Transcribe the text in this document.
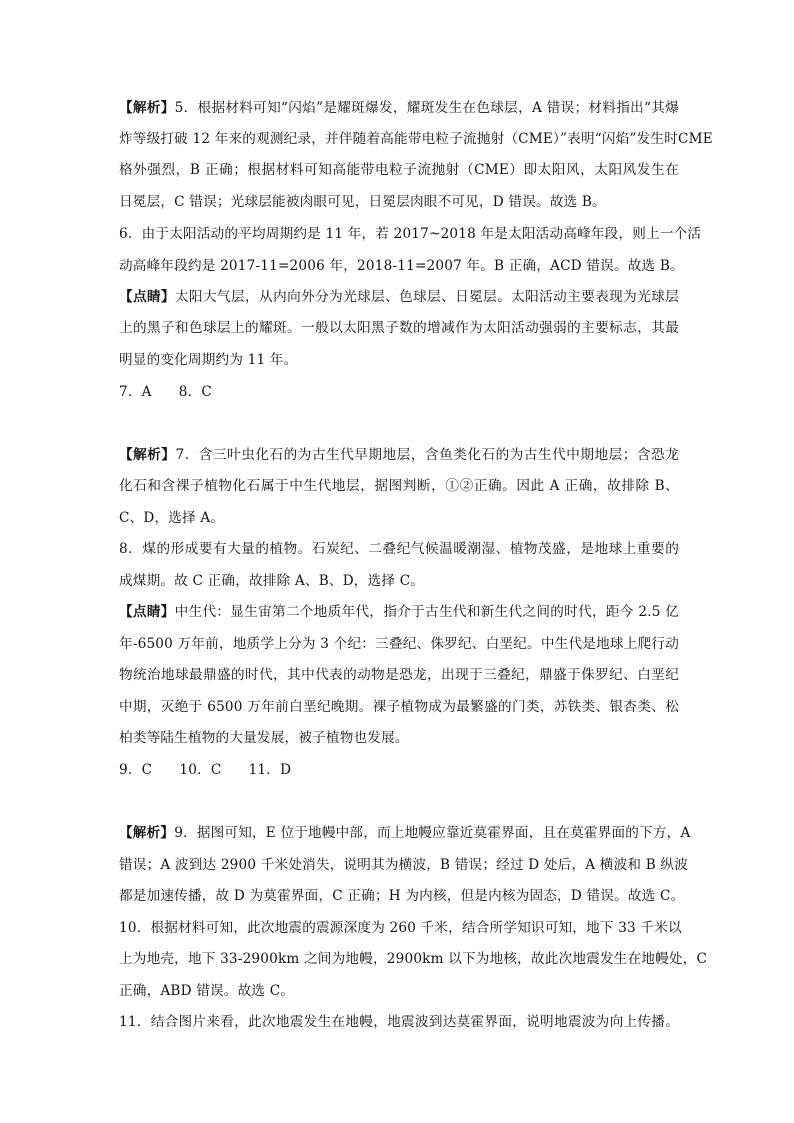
【解析】5．根据材料可知“闪焰”是耀斑爆发，耀斑发生在色球层，A 错误；材料指出“其爆
炸等级打破 12 年来的观测纪录，并伴随着高能带电粒子流抛射（CME）”表明“闪焰”发生时CME
格外强烈，B 正确；根据材料可知高能带电粒子流抛射（CME）即太阳风，太阳风发生在
日冕层，C 错误；光球层能被肉眼可见，日冕层肉眼不可见，D 错误。故选 B。
6．由于太阳活动的平均周期约是 11 年，若 2017~2018 年是太阳活动高峰年段，则上一个活
动高峰年段约是 2017-11=2006 年，2018-11=2007 年。B 正确，ACD 错误。故选 B。
【点睛】太阳大气层，从内向外分为光球层、色球层、日冕层。太阳活动主要表现为光球层
上的黑子和色球层上的耀斑。一般以太阳黑子数的增减作为太阳活动强弱的主要标志，其最
明显的变化周期约为 11 年。
7．A      8．C
【解析】7．含三叶虫化石的为古生代早期地层，含鱼类化石的为古生代中期地层；含恐龙
化石和含裸子植物化石属于中生代地层，据图判断，①②正确。因此 A 正确，故排除 B、
C、D，选择 A。
8．煤的形成要有大量的植物。石炭纪、二叠纪气候温暖潮湿、植物茂盛，是地球上重要的
成煤期。故 C 正确，故排除 A、B、D，选择 C。
【点睛】中生代：显生宙第二个地质年代，指介于古生代和新生代之间的时代，距今 2.5 亿
年-6500 万年前，地质学上分为 3 个纪：三叠纪、侏罗纪、白垩纪。中生代是地球上爬行动
物统治地球最鼎盛的时代，其中代表的动物是恐龙，出现于三叠纪，鼎盛于侏罗纪、白垩纪
中期，灭绝于 6500 万年前白垩纪晚期。裸子植物成为最繁盛的门类，苏铁类、银杏类、松
柏类等陆生植物的大量发展，被子植物也发展。
9．C      10．C      11．D
【解析】9．据图可知，E 位于地幔中部，而上地幔应靠近莫霍界面，且在莫霍界面的下方，A
错误；A 波到达 2900 千米处消失，说明其为横波，B 错误；经过 D 处后，A 横波和 B 纵波
都是加速传播，故 D 为莫霍界面，C 正确；H 为内核，但是内核为固态，D 错误。故选 C。
10．根据材料可知，此次地震的震源深度为 260 千米，结合所学知识可知，地下 33 千米以
上为地壳，地下 33-2900km 之间为地幔，2900km 以下为地核，故此次地震发生在地幔处，C
正确，ABD 错误。故选 C。
11．结合图片来看，此次地震发生在地幔，地震波到达莫霍界面，说明地震波为向上传播。
